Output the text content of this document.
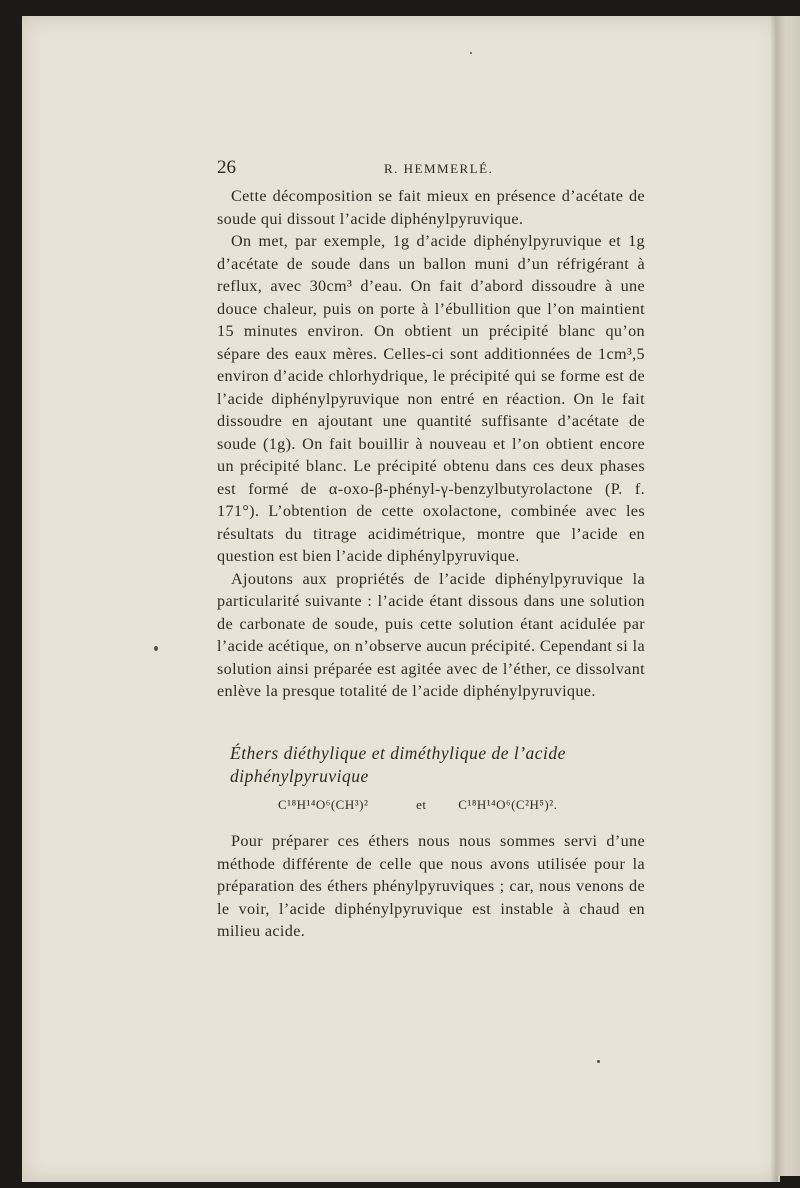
26	R. HEMMERLÉ.

Cette décomposition se fait mieux en présence d’acétate de soude qui dissout l’acide diphénylpyruvique.

On met, par exemple, 1g d’acide diphénylpyruvique et 1g d’acétate de soude dans un ballon muni d’un réfrigérant à reflux, avec 30cm³ d’eau. On fait d’abord dissoudre à une douce chaleur, puis on porte à l’ébullition que l’on maintient 15 minutes environ. On obtient un précipité blanc qu’on sépare des eaux mères. Celles-ci sont additionnées de 1cm³,5 environ d’acide chlorhydrique, le précipité qui se forme est de l’acide diphénylpyruvique non entré en réaction. On le fait dissoudre en ajoutant une quantité suffisante d’acétate de soude (1g). On fait bouillir à nouveau et l’on obtient encore un précipité blanc. Le précipité obtenu dans ces deux phases est formé de α-oxo-β-phényl-γ-benzylbutyrolactone (P. f. 171°). L’obtention de cette oxolactone, combinée avec les résultats du titrage acidimétrique, montre que l’acide en question est bien l’acide diphénylpyruvique.

Ajoutons aux propriétés de l’acide diphénylpyruvique la particularité suivante : l’acide étant dissous dans une solution de carbonate de soude, puis cette solution étant acidulée par l’acide acétique, on n’observe aucun précipité. Cependant si la solution ainsi préparée est agitée avec de l’éther, ce dissolvant enlève la presque totalité de l’acide diphénylpyruvique.

Éthers diéthylique et diméthylique de l’acide diphénylpyruvique
C¹⁸H¹⁴O⁶(CH³)²	et C¹⁸H¹⁴O⁶(C²H⁵)².

Pour préparer ces éthers nous nous sommes servi d’une méthode différente de celle que nous avons utilisée pour la préparation des éthers phénylpyruviques ; car, nous venons de le voir, l’acide diphénylpyruvique est instable à chaud en milieu acide.
